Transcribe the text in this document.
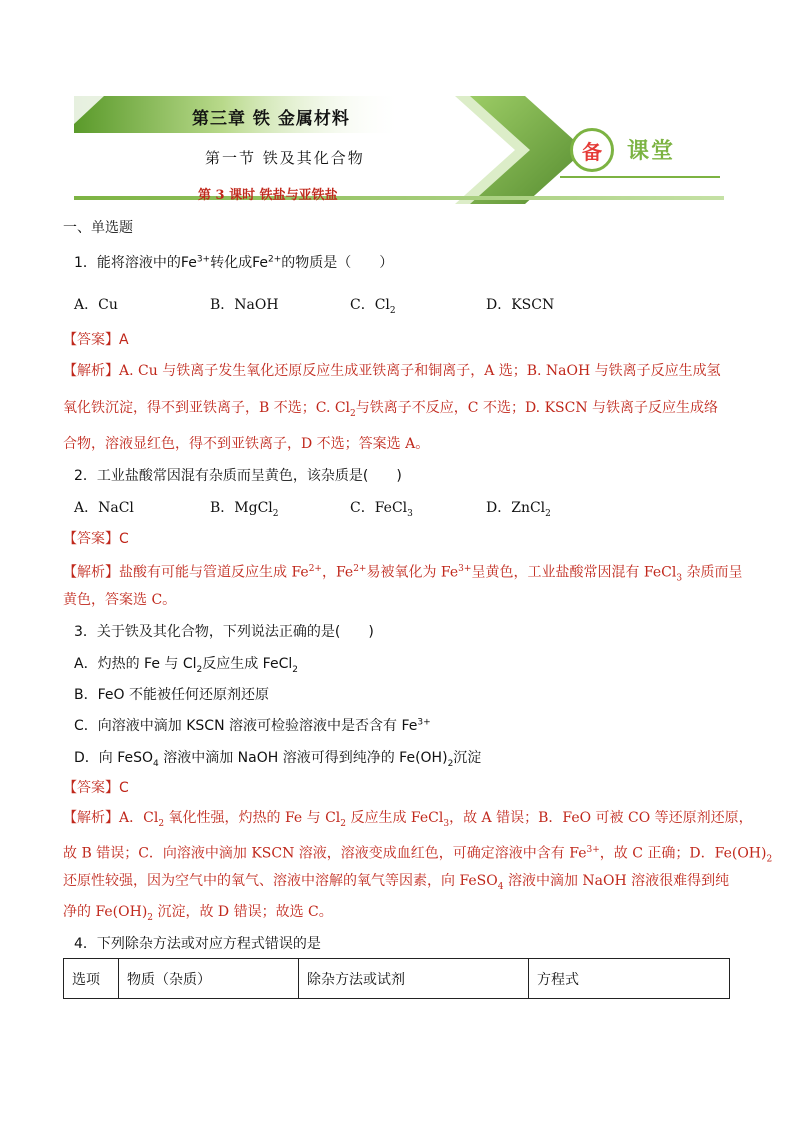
第三章 铁 金属材料
第一节 铁及其化合物
第 3 课时 铁盐与亚铁盐
备 课堂
一、单选题
1．能将溶液中的$Fe^{3+}$转化成$Fe^{2+}$的物质是（　　）
A．Cu	B．NaOH	C．$Cl_2$	D．KSCN
【答案】A
【解析】A. Cu 与铁离子发生氧化还原反应生成亚铁离子和铜离子，A 选；B. NaOH 与铁离子反应生成氢
氧化铁沉淀，得不到亚铁离子，B 不选；C. $Cl_2$与铁离子不反应，C 不选；D. KSCN 与铁离子反应生成络
合物，溶液显红色，得不到亚铁离子，D 不选；答案选 A。
2．工业盐酸常因混有杂质而呈黄色，该杂质是(　　)
A．NaCl	B．MgCl$_2$	C．FeCl$_3$	D．ZnCl$_2$
【答案】C
【解析】盐酸有可能与管道反应生成 $Fe^{2+}$，$Fe^{2+}$易被氧化为 $Fe^{3+}$呈黄色，工业盐酸常因混有 FeCl$_3$ 杂质而呈
黄色，答案选 C。
3．关于铁及其化合物，下列说法正确的是(　　)
A．灼热的 Fe 与 $Cl_2$反应生成 FeCl$_2$
B．FeO 不能被任何还原剂还原
C．向溶液中滴加 KSCN 溶液可检验溶液中是否含有 $Fe^{3+}$
D．向 FeSO$_4$ 溶液中滴加 NaOH 溶液可得到纯净的 $Fe(OH)_2$沉淀
【答案】C
【解析】A．$Cl_2$ 氧化性强，灼热的 Fe 与 $Cl_2$ 反应生成 FeCl$_3$，故 A 错误；B．FeO 可被 CO 等还原剂还原，
故 B 错误；C．向溶液中滴加 KSCN 溶液，溶液变成血红色，可确定溶液中含有 $Fe^{3+}$，故 C 正确；D．$Fe(OH)_2$
还原性较强，因为空气中的氧气、溶液中溶解的氧气等因素，向 FeSO$_4$ 溶液中滴加 NaOH 溶液很难得到纯
净的 $Fe(OH)_2$ 沉淀，故 D 错误；故选 C。
4．下列除杂方法或对应方程式错误的是
选项	物质（杂质）	除杂方法或试剂	方程式
